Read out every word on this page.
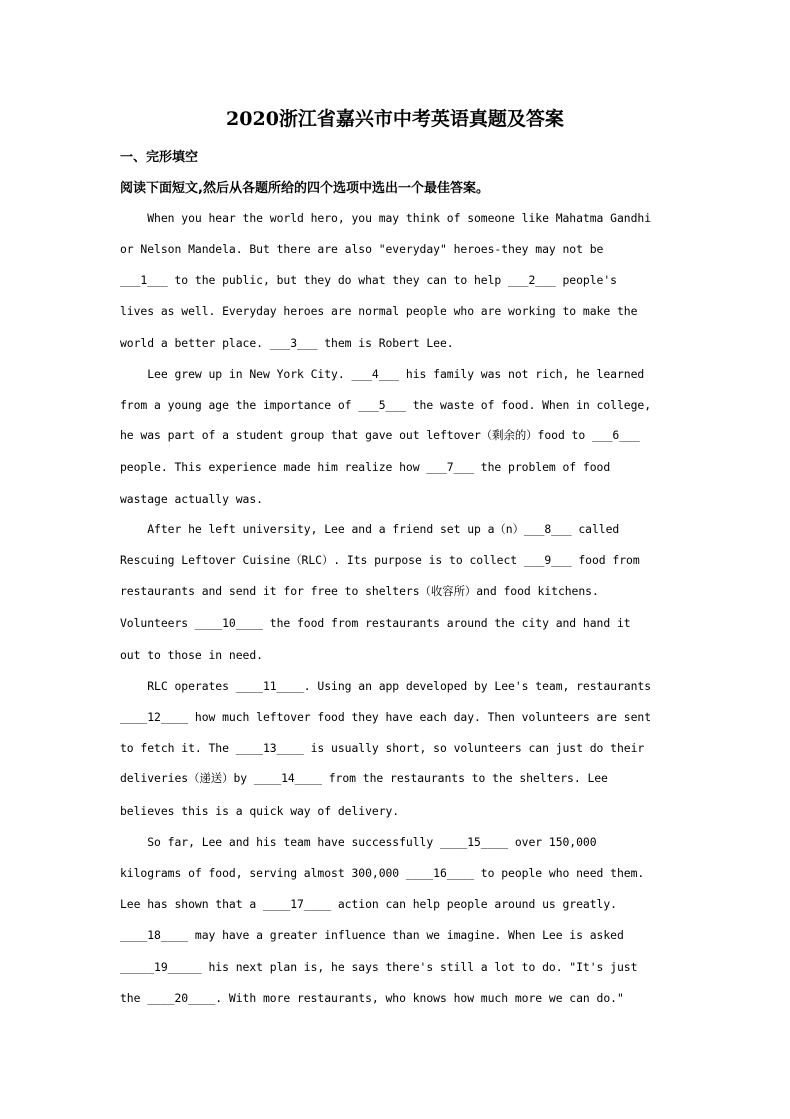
2020浙江省嘉兴市中考英语真题及答案
一、完形填空
阅读下面短文,然后从各题所给的四个选项中选出一个最佳答案。
When you hear the world hero, you may think of someone like Mahatma Gandhi
or Nelson Mandela. But there are also "everyday" heroes-they may not be
___1___ to the public, but they do what they can to help ___2___ people's
lives as well. Everyday heroes are normal people who are working to make the
world a better place. ___3___ them is Robert Lee.
Lee grew up in New York City. ___4___ his family was not rich, he learned
from a young age the importance of ___5___ the waste of food. When in college,
he was part of a student group that gave out leftover（剩余的）food to ___6___
people. This experience made him realize how ___7___ the problem of food
wastage actually was.
After he left university, Lee and a friend set up a（n）___8___ called
Rescuing Leftover Cuisine（RLC）. Its purpose is to collect ___9___ food from
restaurants and send it for free to shelters（收容所）and food kitchens.
Volunteers ____10____ the food from restaurants around the city and hand it
out to those in need.
RLC operates ____11____. Using an app developed by Lee's team, restaurants
____12____ how much leftover food they have each day. Then volunteers are sent
to fetch it. The ____13____ is usually short, so volunteers can just do their
deliveries（递送）by ____14____ from the restaurants to the shelters. Lee
believes this is a quick way of delivery.
So far, Lee and his team have successfully ____15____ over 150,000
kilograms of food, serving almost 300,000 ____16____ to people who need them.
Lee has shown that a ____17____ action can help people around us greatly.
____18____ may have a greater influence than we imagine. When Lee is asked
_____19_____ his next plan is, he says there's still a lot to do. "It's just
the ____20____. With more restaurants, who knows how much more we can do."
